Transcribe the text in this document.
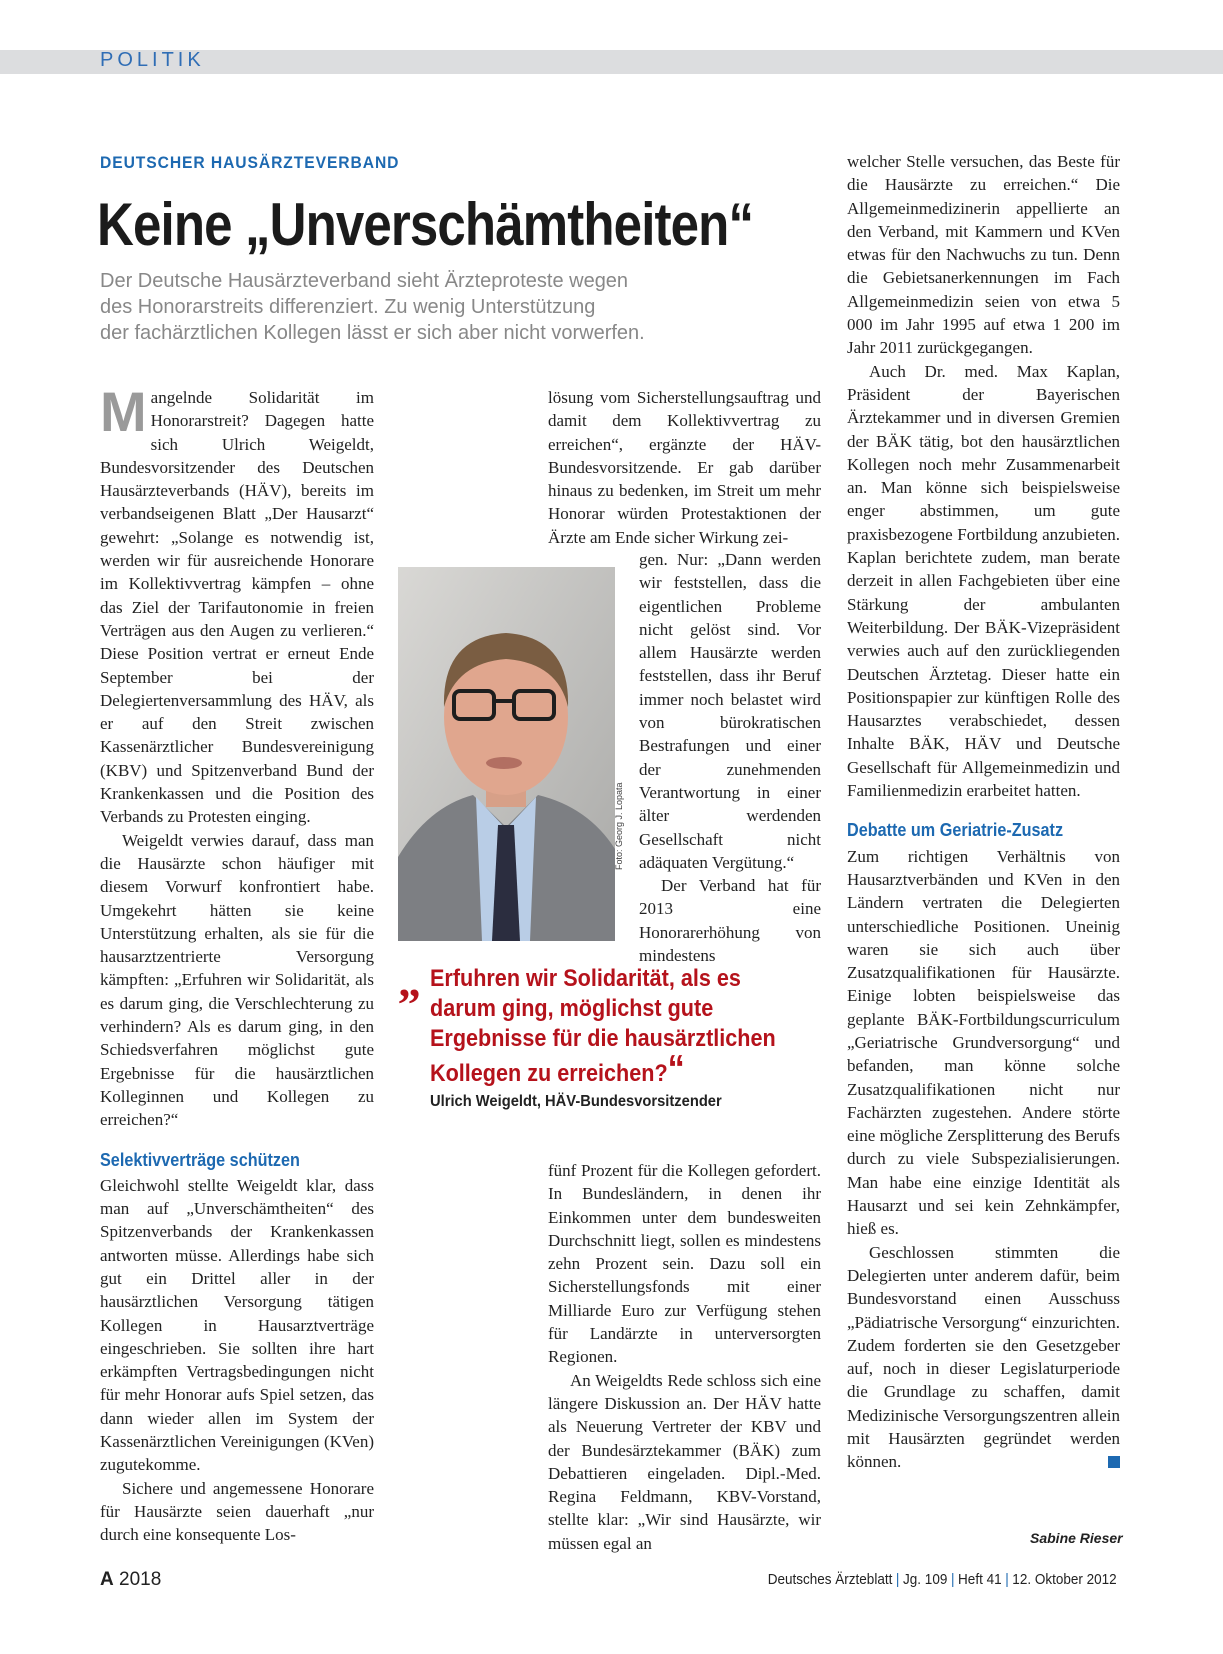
POLITIK
DEUTSCHER HAUSÄRZTEVERBAND
Keine „Unverschämtheiten“
Der Deutsche Hausärzteverband sieht Ärzteproteste wegen
des Honorarstreits differenziert. Zu wenig Unterstützung
der fachärztlichen Kollegen lässt er sich aber nicht vorwerfen.

Mangelnde Solidarität im Honorarstreit? Dagegen hatte sich Ulrich Weigeldt, Bundesvorsitzender des Deutschen Hausärzteverbands (HÄV), bereits im verbandseigenen Blatt „Der Hausarzt“ gewehrt: „Solange es notwendig ist, werden wir für ausreichende Honorare im Kollektivvertrag kämpfen – ohne das Ziel der Tarifautonomie in freien Verträgen aus den Augen zu verlieren.“ Diese Position vertrat er erneut Ende September bei der Delegiertenversammlung des HÄV, als er auf den Streit zwischen Kassenärztlicher Bundesvereinigung (KBV) und Spitzenverband Bund der Krankenkassen und die Position des Verbands zu Protesten einging.

Weigeldt verwies darauf, dass man die Hausärzte schon häufiger mit diesem Vorwurf konfrontiert habe. Umgekehrt hätten sie keine Unterstützung erhalten, als sie für die hausarztzentrierte Versorgung kämpften: „Erfuhren wir Solidarität, als es darum ging, die Verschlechterung zu verhindern? Als es darum ging, in den Schiedsverfahren möglichst gute Ergebnisse für die hausärztlichen Kolleginnen und Kollegen zu erreichen?“

Selektivverträge schützen

Gleichwohl stellte Weigeldt klar, dass man auf „Unverschämtheiten“ des Spitzenverbands der Krankenkassen antworten müsse. Allerdings habe sich gut ein Drittel aller in der hausärztlichen Versorgung tätigen Kollegen in Hausarztverträge eingeschrieben. Sie sollten ihre hart erkämpften Vertragsbedingungen nicht für mehr Honorar aufs Spiel setzen, das dann wieder allen im System der Kassenärztlichen Vereinigungen (KVen) zugutekomme.

Sichere und angemessene Honorare für Hausärzte seien dauerhaft „nur durch eine konsequente Los-

lösung vom Sicherstellungsauftrag und damit dem Kollektivvertrag zu erreichen“, ergänzte der HÄV-Bundesvorsitzende. Er gab darüber hinaus zu bedenken, im Streit um mehr Honorar würden Protestaktionen der Ärzte am Ende sicher Wirkung zei-

Foto: Georg J. Lopata

gen. Nur: „Dann werden wir feststellen, dass die eigentlichen Probleme nicht gelöst sind. Vor allem Hausärzte werden feststellen, dass ihr Beruf immer noch belastet wird von bürokratischen Bestrafungen und einer der zunehmenden Verantwortung in einer älter werdenden Gesellschaft nicht adäquaten Vergütung.“

Der Verband hat für 2013 eine Honorarerhöhung von mindestens

„ Erfuhren wir Solidarität, als es darum ging, möglichst gute Ergebnisse für die hausärztlichen Kollegen zu erreichen?“
Ulrich Weigeldt, HÄV-Bundesvorsitzender

fünf Prozent für die Kollegen gefordert. In Bundesländern, in denen ihr Einkommen unter dem bundesweiten Durchschnitt liegt, sollen es mindestens zehn Prozent sein. Dazu soll ein Sicherstellungsfonds mit einer Milliarde Euro zur Verfügung stehen für Landärzte in unterversorgten Regionen.

An Weigeldts Rede schloss sich eine längere Diskussion an. Der HÄV hatte als Neuerung Vertreter der KBV und der Bundesärztekammer (BÄK) zum Debattieren eingeladen. Dipl.-Med. Regina Feldmann, KBV-Vorstand, stellte klar: „Wir sind Hausärzte, wir müssen egal an

welcher Stelle versuchen, das Beste für die Hausärzte zu erreichen.“ Die Allgemeinmedizinerin appellierte an den Verband, mit Kammern und KVen etwas für den Nachwuchs zu tun. Denn die Gebietsanerkennungen im Fach Allgemeinmedizin seien von etwa 5 000 im Jahr 1995 auf etwa 1 200 im Jahr 2011 zurückgegangen.

Auch Dr. med. Max Kaplan, Präsident der Bayerischen Ärztekammer und in diversen Gremien der BÄK tätig, bot den hausärztlichen Kollegen noch mehr Zusammenarbeit an. Man könne sich beispielsweise enger abstimmen, um gute praxisbezogene Fortbildung anzubieten. Kaplan berichtete zudem, man berate derzeit in allen Fachgebieten über eine Stärkung der ambulanten Weiterbildung. Der BÄK-Vizepräsident verwies auch auf den zurückliegenden Deutschen Ärztetag. Dieser hatte ein Positionspapier zur künftigen Rolle des Hausarztes verabschiedet, dessen Inhalte BÄK, HÄV und Deutsche Gesellschaft für Allgemeinmedizin und Familienmedizin erarbeitet hatten.

Debatte um Geriatrie-Zusatz

Zum richtigen Verhältnis von Hausarztverbänden und KVen in den Ländern vertraten die Delegierten unterschiedliche Positionen. Uneinig waren sie sich auch über Zusatzqualifikationen für Hausärzte. Einige lobten beispielsweise das geplante BÄK-Fortbildungscurriculum „Geriatrische Grundversorgung“ und befanden, man könne solche Zusatzqualifikationen nicht nur Fachärzten zugestehen. Andere störte eine mögliche Zersplitterung des Berufs durch zu viele Subspezialisierungen. Man habe eine einzige Identität als Hausarzt und sei kein Zehnkämpfer, hieß es.

Geschlossen stimmten die Delegierten unter anderem dafür, beim Bundesvorstand einen Ausschuss „Pädiatrische Versorgung“ einzurichten. Zudem forderten sie den Gesetzgeber auf, noch in dieser Legislaturperiode die Grundlage zu schaffen, damit Medizinische Versorgungszentren allein mit Hausärzten gegründet werden können.

Sabine Rieser
A 2018	Deutsches Ärzteblatt | Jg. 109 | Heft 41 | 12. Oktober 2012
